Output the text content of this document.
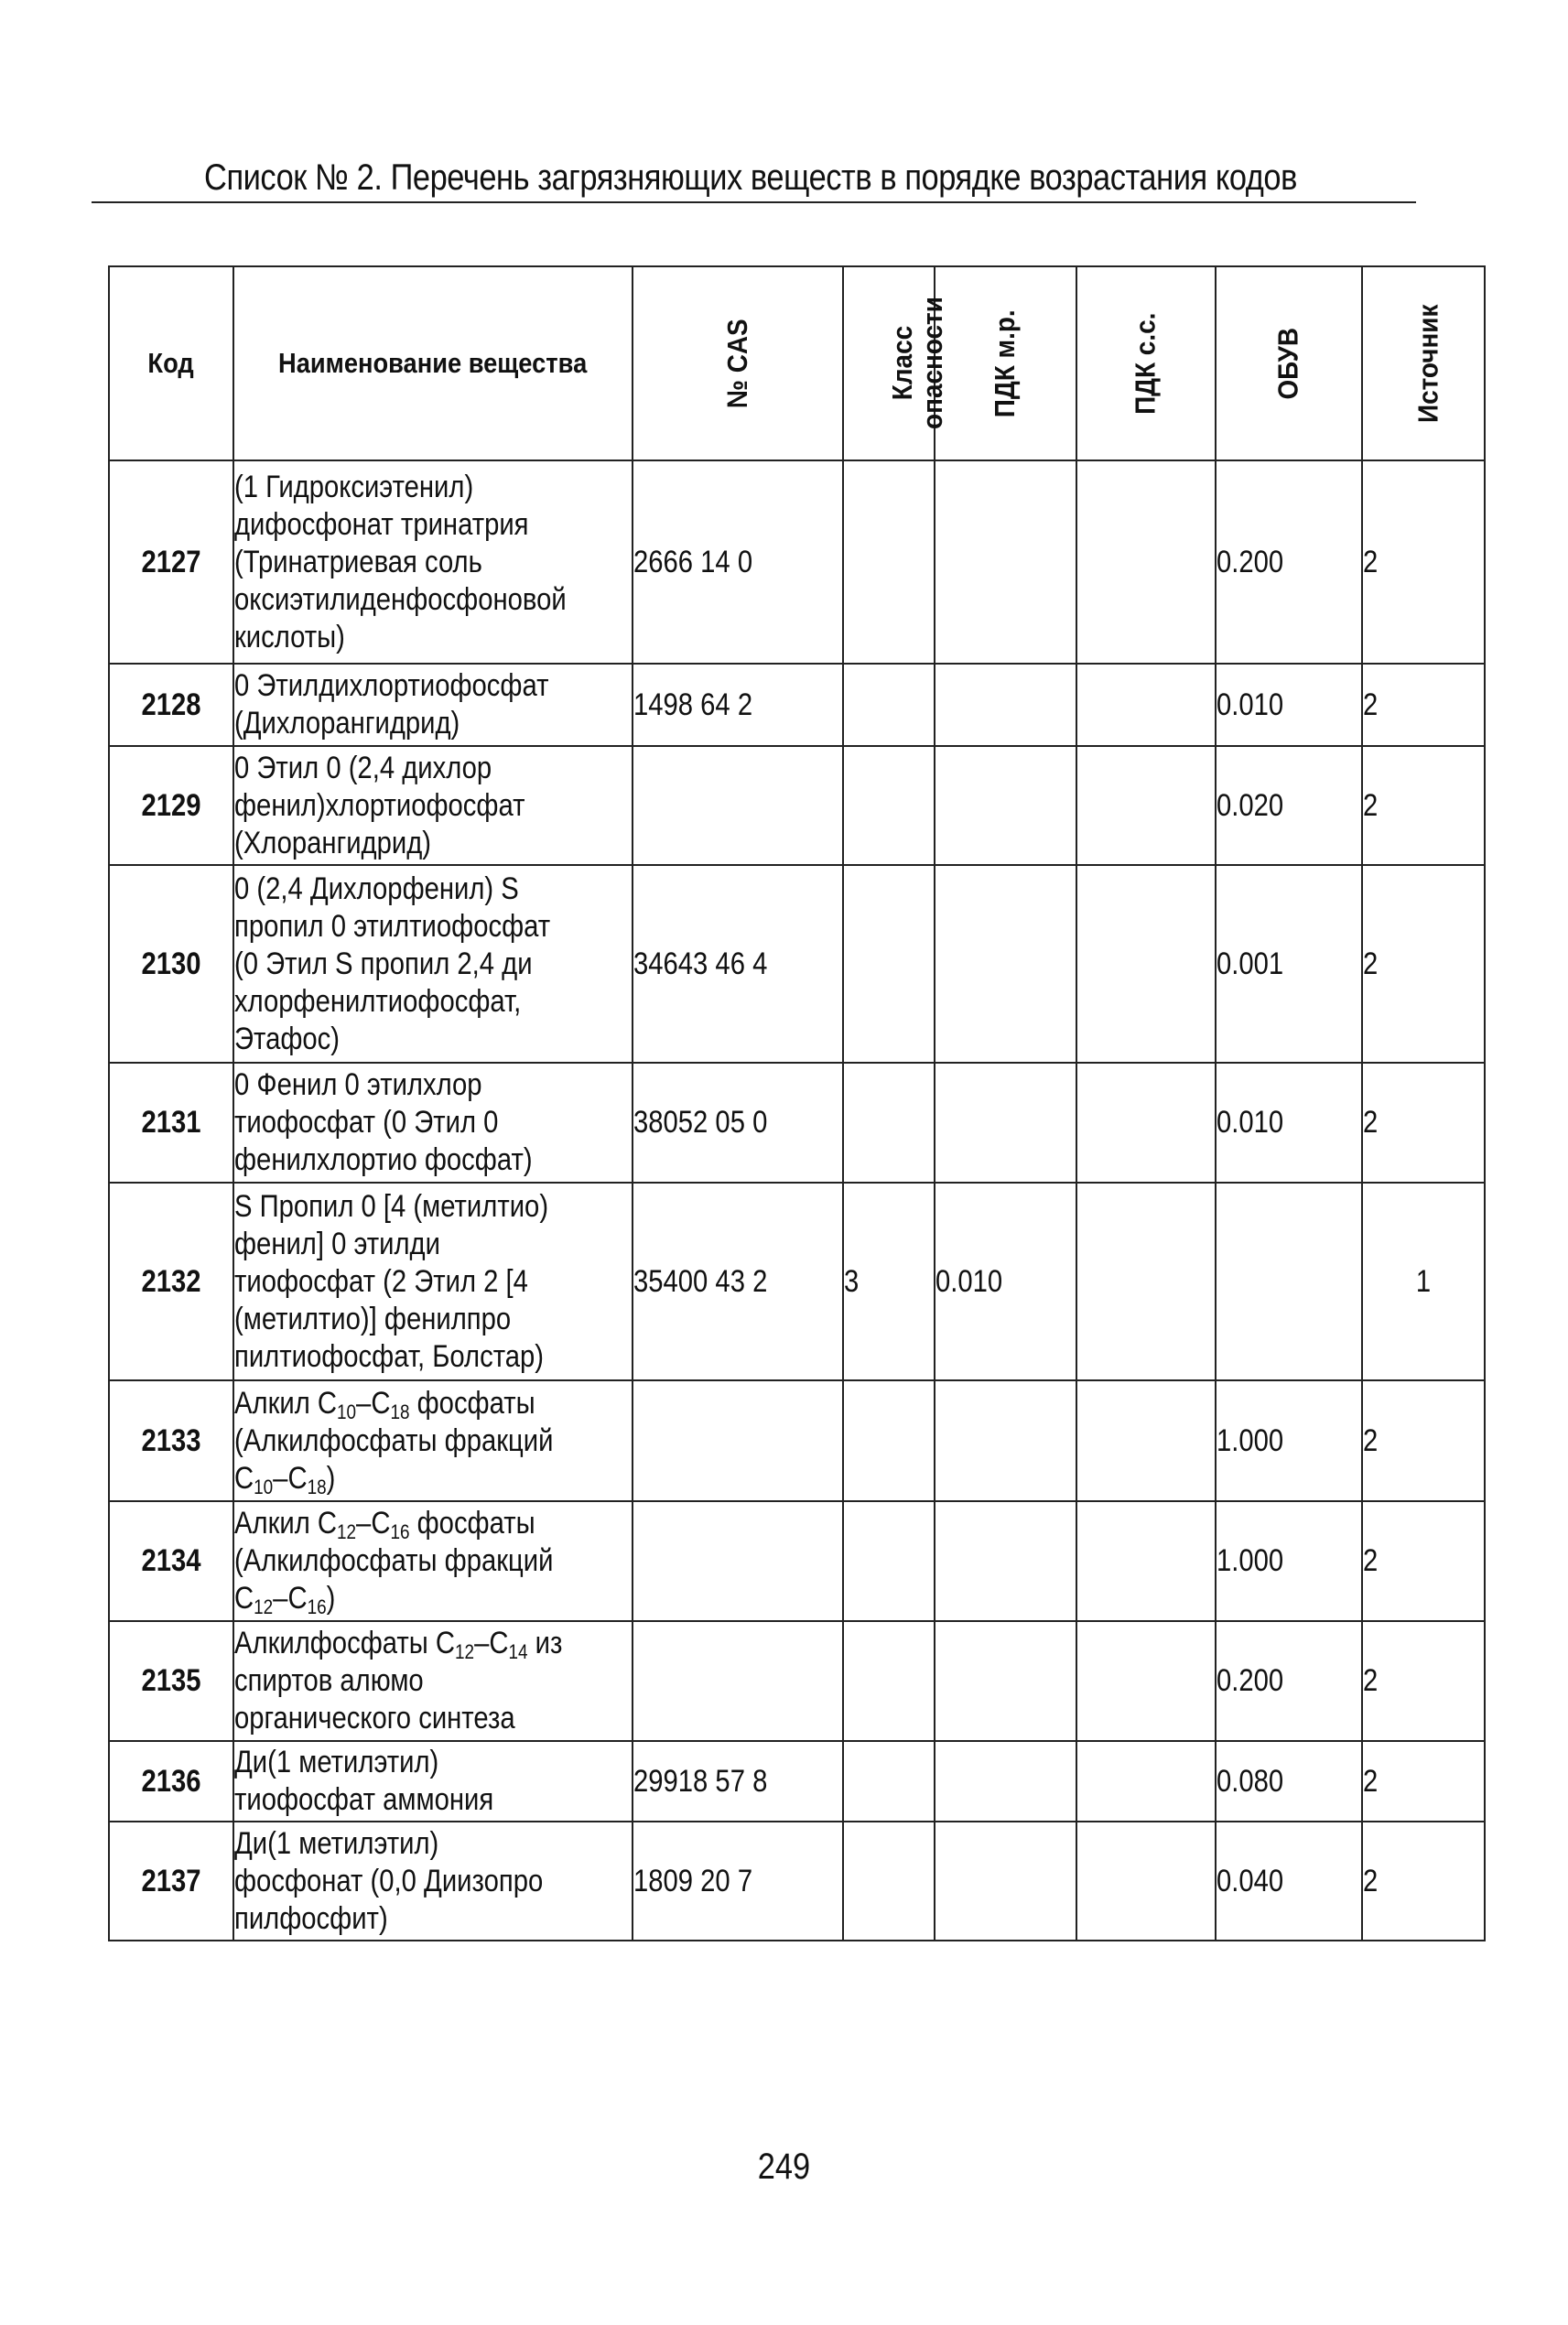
Список № 2. Перечень загрязняющих веществ в порядке возрастания кодов
Код	Наименование вещества	№ CAS	Класс
опасности	ПДК м.р.	ПДК с.с.	ОБУВ	Источник

2127	(1 Гидроксиэтенил)
дифосфонат тринатрия
(Тринатриевая соль
оксиэтилиденфосфоновой
кислоты)	2666 14 0				0.200	2

2128	0 Этилдихлортиофосфат
(Дихлорангидрид)	1498 64 2				0.010	2

2129	0 Этил 0 (2,4 дихлор
фенил)хлортиофосфат
(Хлорангидрид)					0.020	2

2130	0 (2,4 Дихлорфенил) S
пропил 0 этилтиофосфат
(0 Этил S пропил 2,4 ди
хлорфенилтиофосфат,
Этафос)	34643 46 4				0.001	2

2131	0 Фенил 0 этилхлор
тиофосфат (0 Этил 0
фенилхлортио фосфат)	38052 05 0				0.010	2

2132	S Пропил 0 [4 (метилтио)
фенил] 0 этилди
тиофосфат (2 Этил 2 [4
(метилтио)] фенилпро
пилтиофосфат, Болстар)	35400 43 2	3	0.010			1

2133	Алкил $C_{10}-C_{18}$ фосфаты
(Алкилфосфаты фракций
$C_{10}-C_{18}$)					1.000	2

2134	Алкил $C_{12}-C_{16}$ фосфаты
(Алкилфосфаты фракций
$C_{12}-C_{16}$)					1.000	2

2135	Алкилфосфаты $C_{12}-C_{14}$ из
спиртов алюмо
органического синтеза					0.200	2

2136	Ди(1 метилэтил)
тиофосфат аммония	29918 57 8				0.080	2

2137	Ди(1 метилэтил)
фосфонат (0,0 Диизопро
пилфосфит)	1809 20 7				0.040	2
249
